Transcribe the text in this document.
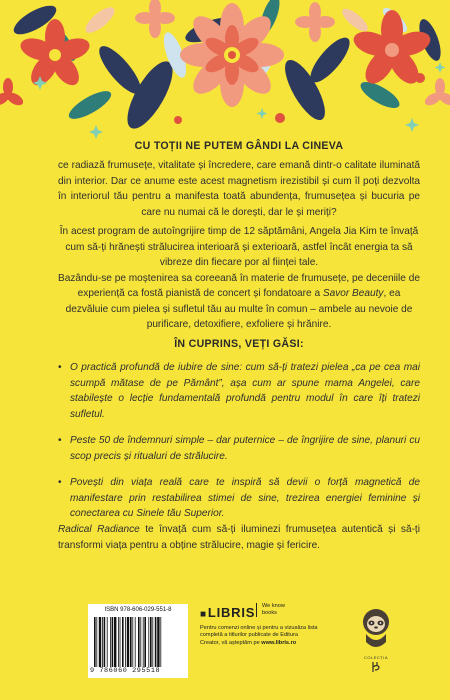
CU TOȚII NE PUTEM GÂNDI LA CINEVA

ce radiază frumusețe, vitalitate și încredere, care emană dintr-o calitate iluminată din interior. Dar ce anume este acest magnetism irezistibil și cum îl poți dezvolta în interiorul tău pentru a manifesta toată abundența, frumusețea și bucuria pe care nu numai că le dorești, dar le și meriți?

În acest program de autoîngrijire timp de 12 săptămâni, Angela Jia Kim te învață cum să-ți hrănești strălucirea interioară și exterioară, astfel încât energia ta să vibreze din fiecare por al ființei tale.

Bazându-se pe moștenirea sa coreeană în materie de frumusețe, pe deceniile de experiență ca fostă pianistă de concert și fondatoare a Savor Beauty, ea dezvăluie cum pielea și sufletul tău au multe în comun – ambele au nevoie de purificare, detoxifiere, exfoliere și hrănire.

ÎN CUPRINS, VEȚI GĂSI:
• O practică profundă de iubire de sine: cum să-ți tratezi pielea „ca pe cea mai scumpă mătase de pe Pământ”, așa cum ar spune mama Angelei, care stabilește o lecție fundamentală profundă pentru modul în care îți tratezi sufletul.
• Peste 50 de îndemnuri simple – dar puternice – de îngrijire de sine, planuri cu scop precis și ritualuri de strălucire.
• Povești din viața reală care te inspiră să devii o forță magnetică de manifestare prin restabilirea stimei de sine, trezirea energiei feminine și conectarea cu Sinele tău Superior.

Radical Radiance te învață cum să-ți iluminezi frumusețea autentică și să-ți transformi viața pentru a obține strălucire, magie și fericire.

ISBN 978-606-029-551-8
9 786060 295518
■LIBRIS	We know books
Pentru comenzi online și pentru a vizualiza lista completă a titlurilor publicate de Editura Creator, vă așteptăm pe www.libris.ro
COLECȚIA
